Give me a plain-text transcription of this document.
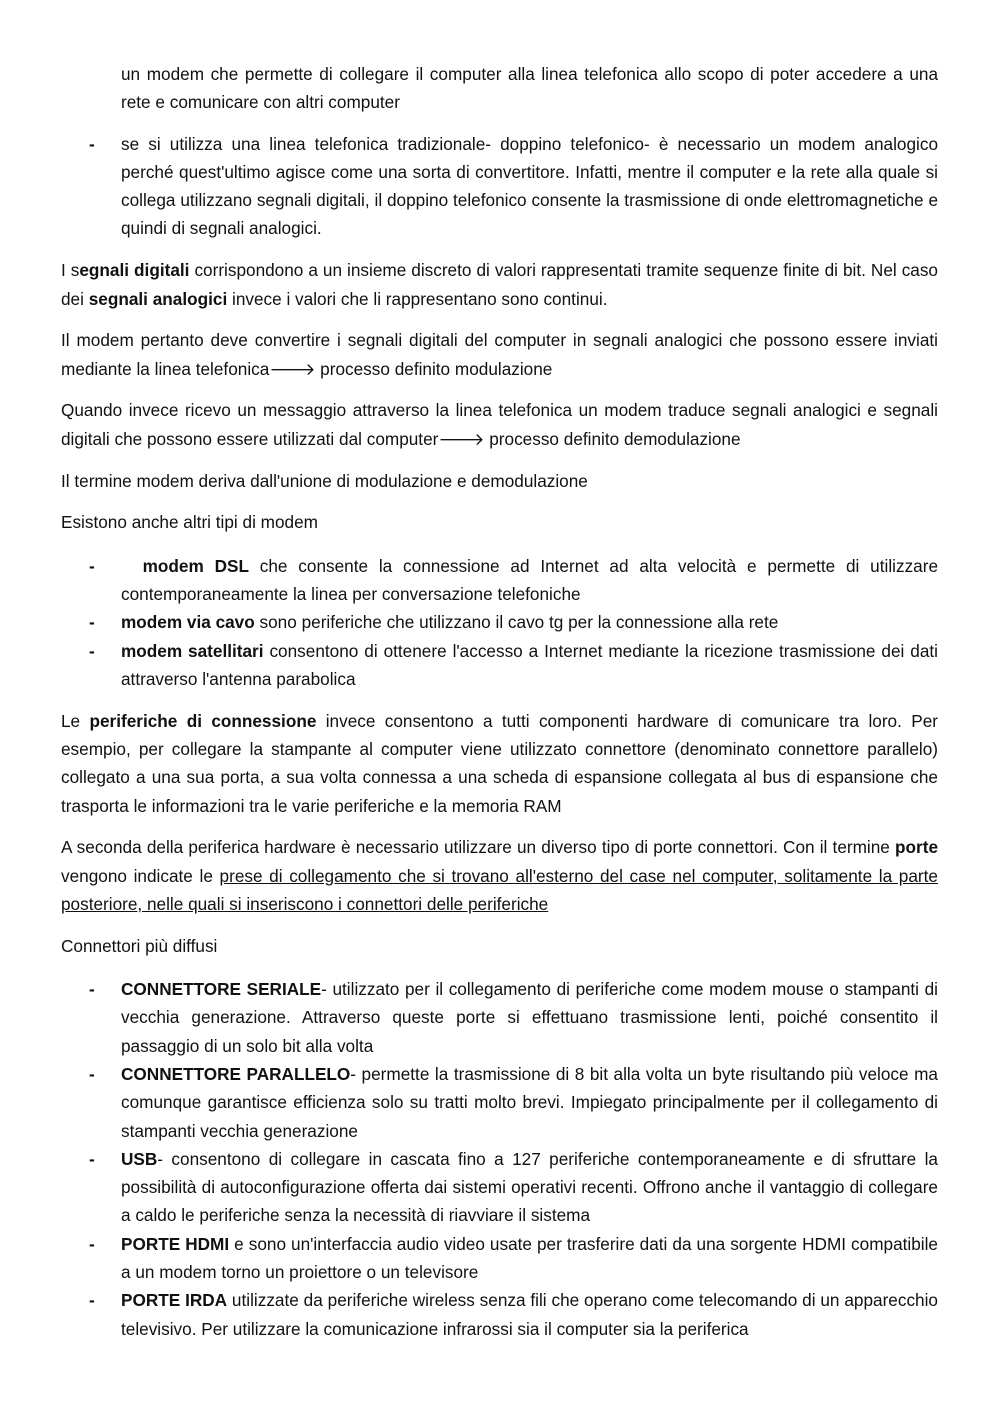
un modem che permette di collegare il computer alla linea telefonica allo scopo di poter accedere a una rete e comunicare con altri computer

- se si utilizza una linea telefonica tradizionale- doppino telefonico- è necessario un modem analogico perché quest'ultimo agisce come una sorta di convertitore. Infatti, mentre il computer e la rete alla quale si collega utilizzano segnali digitali, il doppino telefonico consente la trasmissione di onde elettromagnetiche e quindi di segnali analogici.

I segnali digitali corrispondono a un insieme discreto di valori rappresentati tramite sequenze finite di bit. Nel caso dei segnali analogici invece i valori che li rappresentano sono continui.

Il modem pertanto deve convertire i segnali digitali del computer in segnali analogici che possono essere inviati mediante la linea telefonica🡒 processo definito modulazione

Quando invece ricevo un messaggio attraverso la linea telefonica un modem traduce segnali analogici e segnali digitali che possono essere utilizzati dal computer🡒 processo definito demodulazione

Il termine modem deriva dall'unione di modulazione e demodulazione

Esistono anche altri tipi di modem

- modem DSL che consente la connessione ad Internet ad alta velocità e permette di utilizzare contemporaneamente la linea per conversazione telefoniche
- modem via cavo sono periferiche che utilizzano il cavo tg per la connessione alla rete
- modem satellitari consentono di ottenere l'accesso a Internet mediante la ricezione trasmissione dei dati attraverso l'antenna parabolica

Le periferiche di connessione invece consentono a tutti componenti hardware di comunicare tra loro. Per esempio, per collegare la stampante al computer viene utilizzato connettore (denominato connettore parallelo) collegato a una sua porta, a sua volta connessa a una scheda di espansione collegata al bus di espansione che trasporta le informazioni tra le varie periferiche e la memoria RAM

A seconda della periferica hardware è necessario utilizzare un diverso tipo di porte connettori. Con il termine porte vengono indicate le prese di collegamento che si trovano all'esterno del case nel computer, solitamente la parte posteriore, nelle quali si inseriscono i connettori delle periferiche

Connettori più diffusi

- CONNETTORE SERIALE- utilizzato per il collegamento di periferiche come modem mouse o stampanti di vecchia generazione. Attraverso queste porte si effettuano trasmissione lenti, poiché consentito il passaggio di un solo bit alla volta
- CONNETTORE PARALLELO- permette la trasmissione di 8 bit alla volta un byte risultando più veloce ma comunque garantisce efficienza solo su tratti molto brevi. Impiegato principalmente per il collegamento di stampanti vecchia generazione
- USB- consentono di collegare in cascata fino a 127 periferiche contemporaneamente e di sfruttare la possibilità di autoconfigurazione offerta dai sistemi operativi recenti. Offrono anche il vantaggio di collegare a caldo le periferiche senza la necessità di riavviare il sistema
- PORTE HDMI e sono un'interfaccia audio video usate per trasferire dati da una sorgente HDMI compatibile a un modem torno un proiettore o un televisore
- PORTE IRDA utilizzate da periferiche wireless senza fili che operano come telecomando di un apparecchio televisivo. Per utilizzare la comunicazione infrarossi sia il computer sia la periferica
